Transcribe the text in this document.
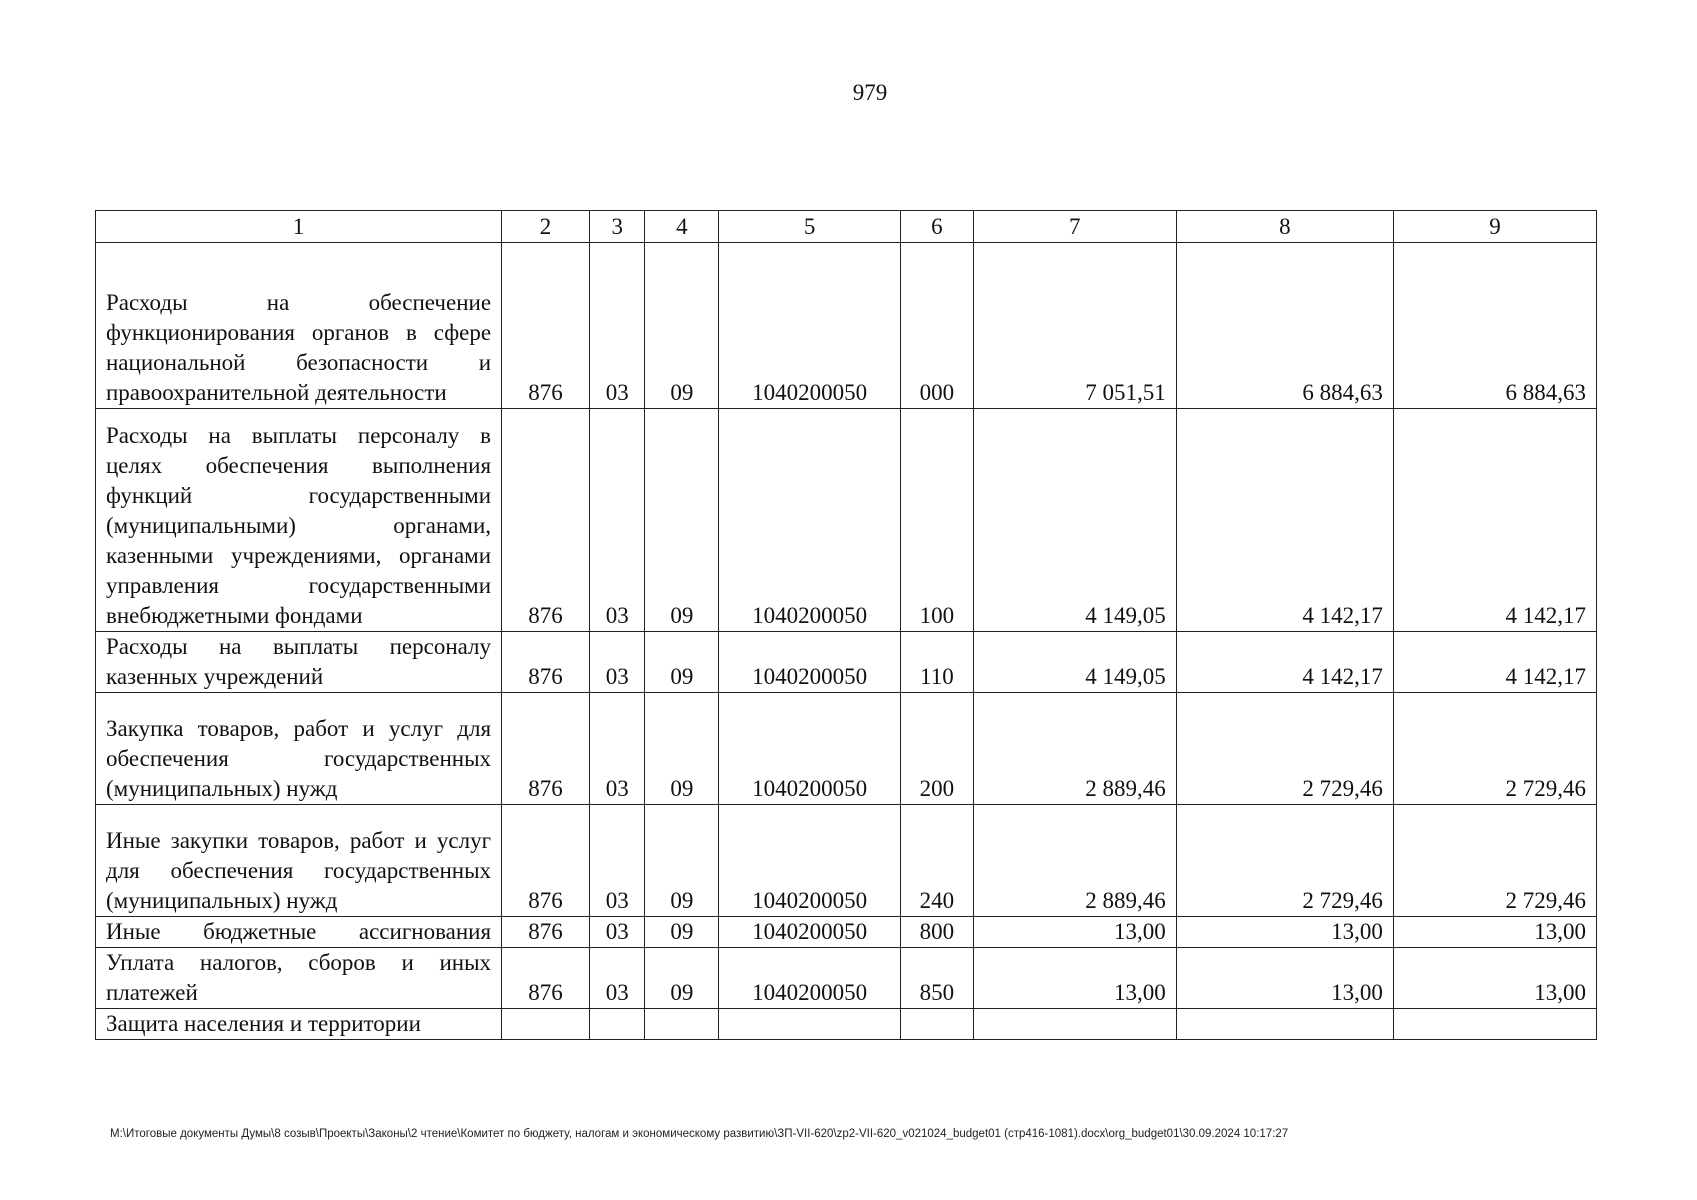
979
1	2	3	4	5	6	7	8	9
Расходы на обеспечение функционирования органов в сфере национальной безопасности и правоохранительной деятельности	876	03	09	1040200050	000	7 051,51	6 884,63	6 884,63
Расходы на выплаты персоналу в целях обеспечения выполнения функций государственными (муниципальными) органами, казенными учреждениями, органами управления государственными внебюджетными фондами	876	03	09	1040200050	100	4 149,05	4 142,17	4 142,17
Расходы на выплаты персоналу казенных учреждений	876	03	09	1040200050	110	4 149,05	4 142,17	4 142,17
Закупка товаров, работ и услуг для обеспечения государственных (муниципальных) нужд	876	03	09	1040200050	200	2 889,46	2 729,46	2 729,46
Иные закупки товаров, работ и услуг для обеспечения государственных (муниципальных) нужд	876	03	09	1040200050	240	2 889,46	2 729,46	2 729,46
Иные бюджетные ассигнования	876	03	09	1040200050	800	13,00	13,00	13,00
Уплата налогов, сборов и иных платежей	876	03	09	1040200050	850	13,00	13,00	13,00
Защита населения и территории								
M:\Итоговые документы Думы\8 созыв\Проекты\Законы\2 чтение\Комитет по бюджету, налогам и экономическому развитию\ЗП-VII-620\zp2-VII-620_v021024_budget01 (стр416-1081).docx\org_budget01\30.09.2024 10:17:27
